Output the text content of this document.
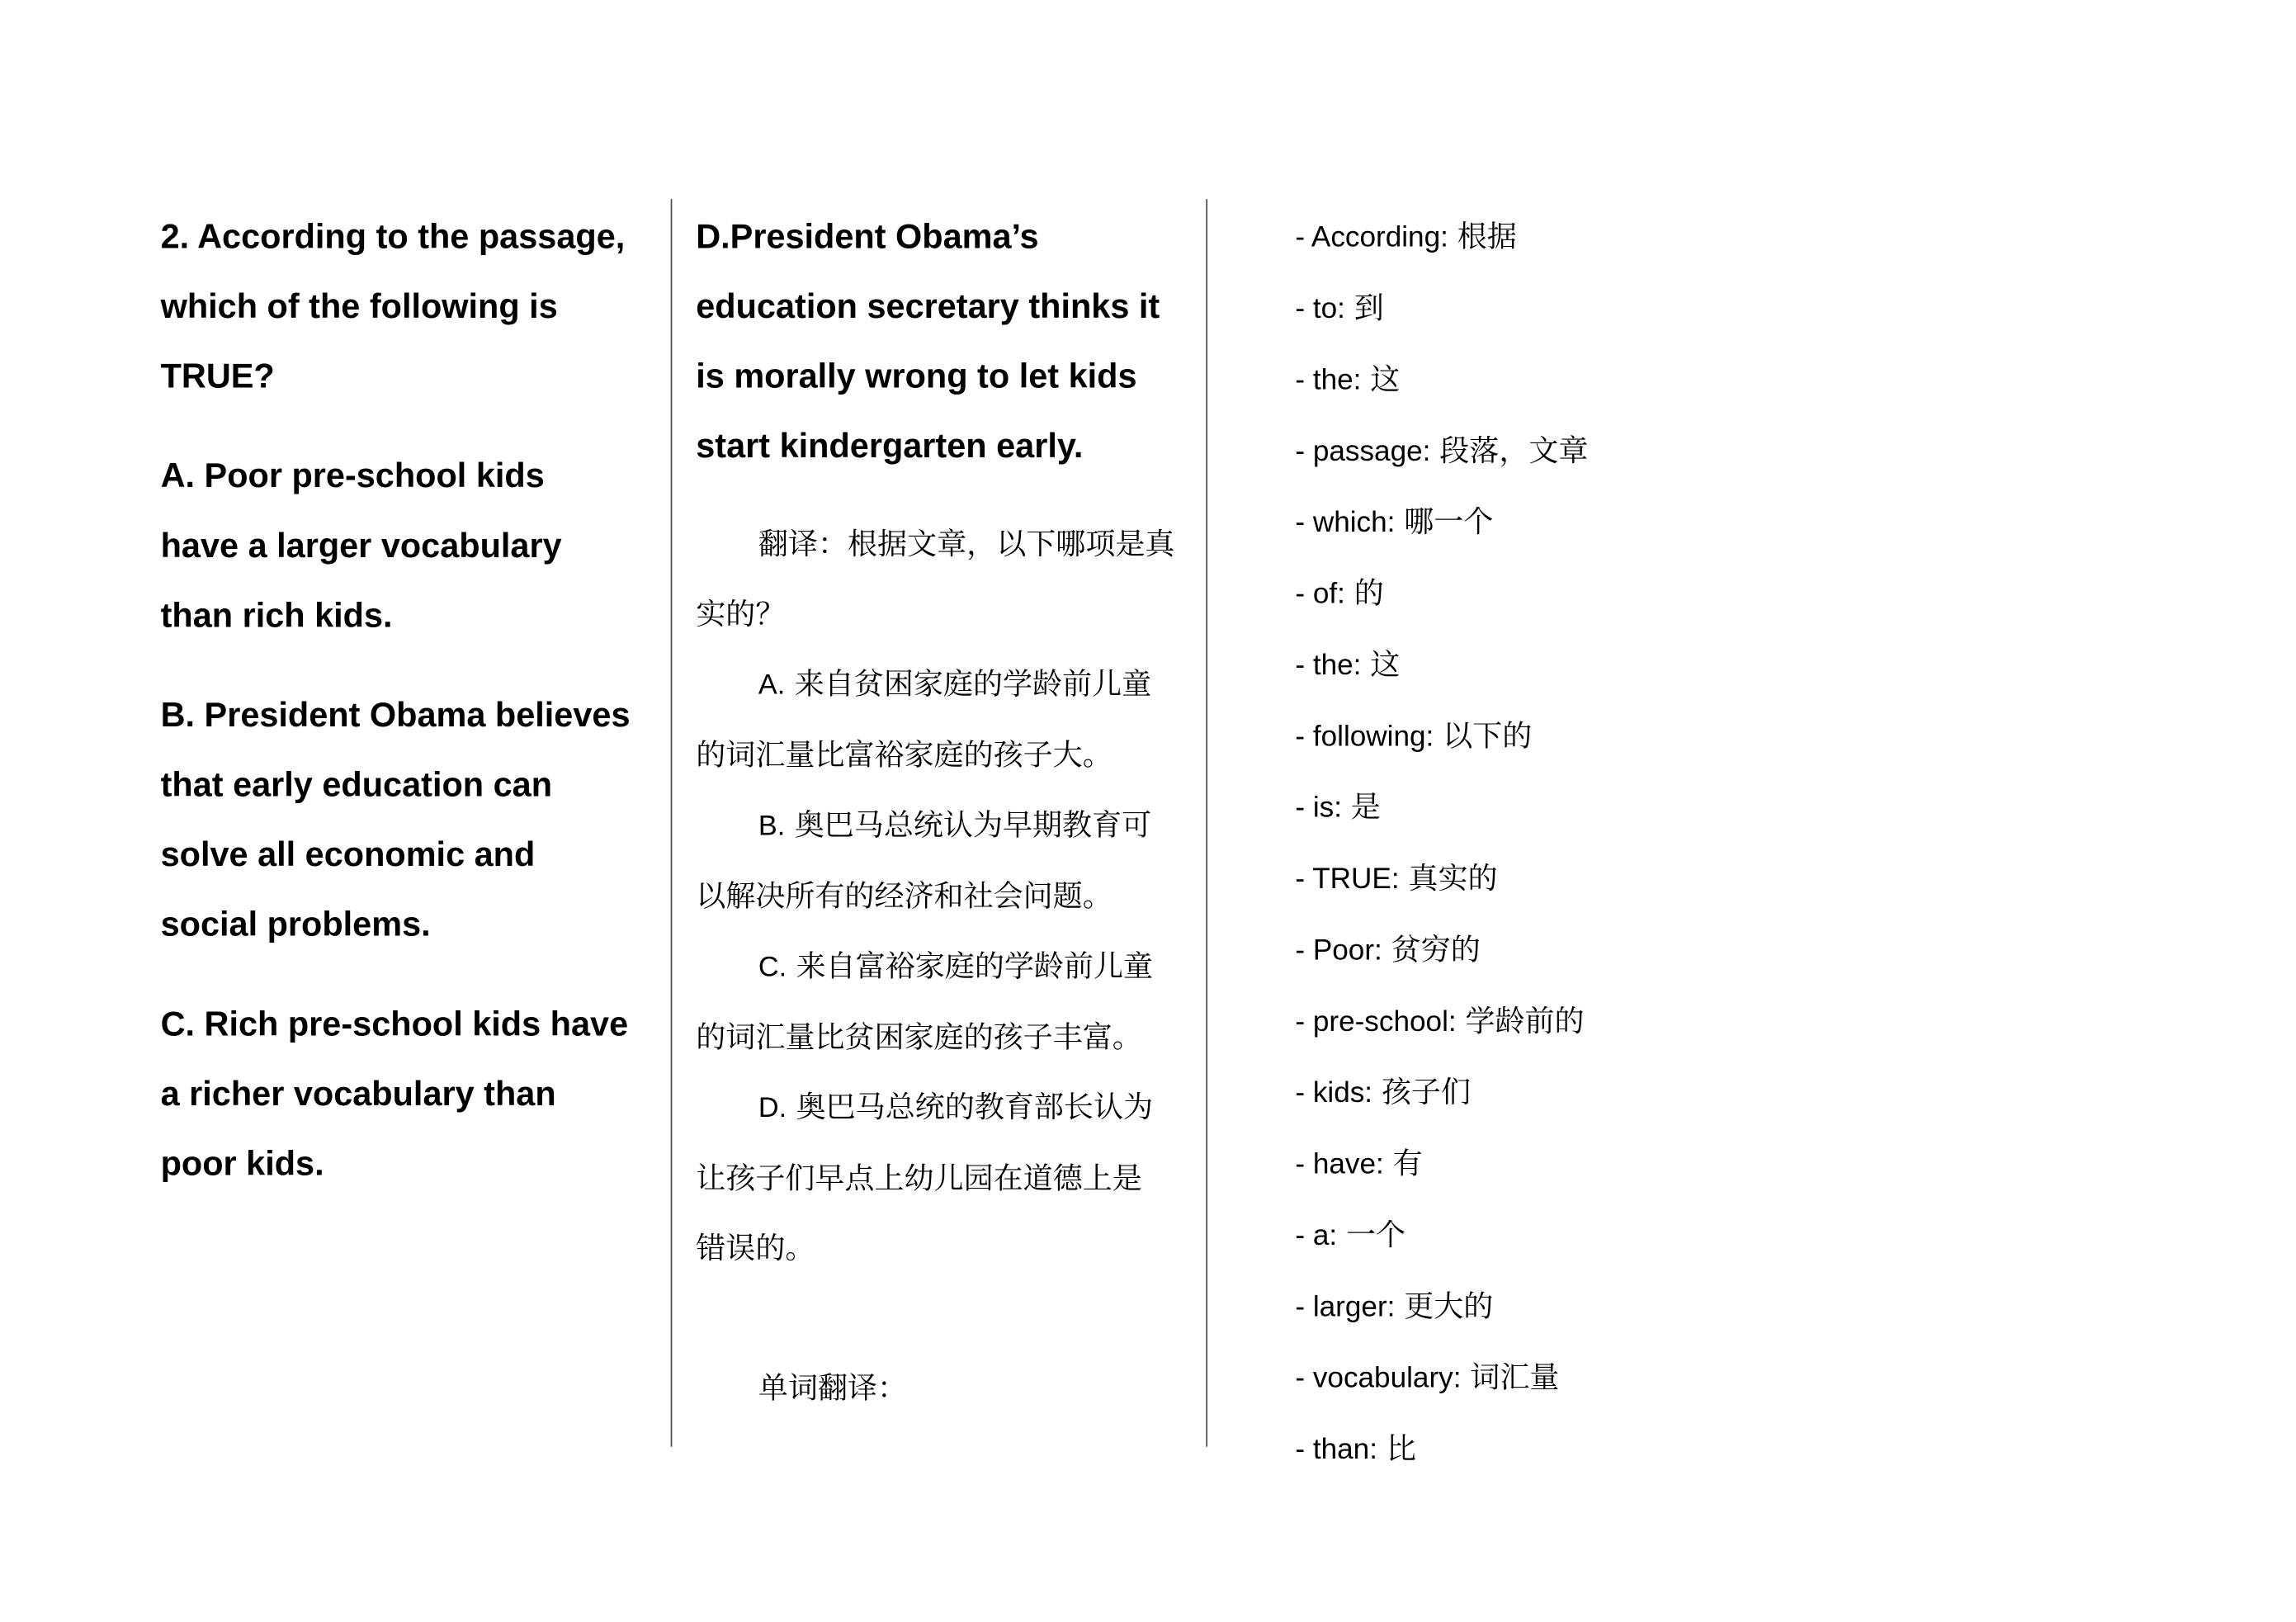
2. According to the passage,
which of the following is
TRUE?
A. Poor pre-school kids
have a larger vocabulary
than rich kids.
B. President Obama believes
that early education can
solve all economic and
social problems.
C. Rich pre-school kids have
a richer vocabulary than
poor kids.
D.President Obama’s
education secretary thinks it
is morally wrong to let kids
start kindergarten early.
翻译：根据文章，以下哪项是真
实的？
A. 来自贫困家庭的学龄前儿童
的词汇量比富裕家庭的孩子大。
B. 奥巴马总统认为早期教育可
以解决所有的经济和社会问题。
C. 来自富裕家庭的学龄前儿童
的词汇量比贫困家庭的孩子丰富。
D. 奥巴马总统的教育部长认为
让孩子们早点上幼儿园在道德上是
错误的。
单词翻译：
- According: 根据
- to: 到
- the: 这
- passage: 段落，文章
- which: 哪一个
- of: 的
- the: 这
- following: 以下的
- is: 是
- TRUE: 真实的
- Poor: 贫穷的
- pre-school: 学龄前的
- kids: 孩子们
- have: 有
- a: 一个
- larger: 更大的
- vocabulary: 词汇量
- than: 比
